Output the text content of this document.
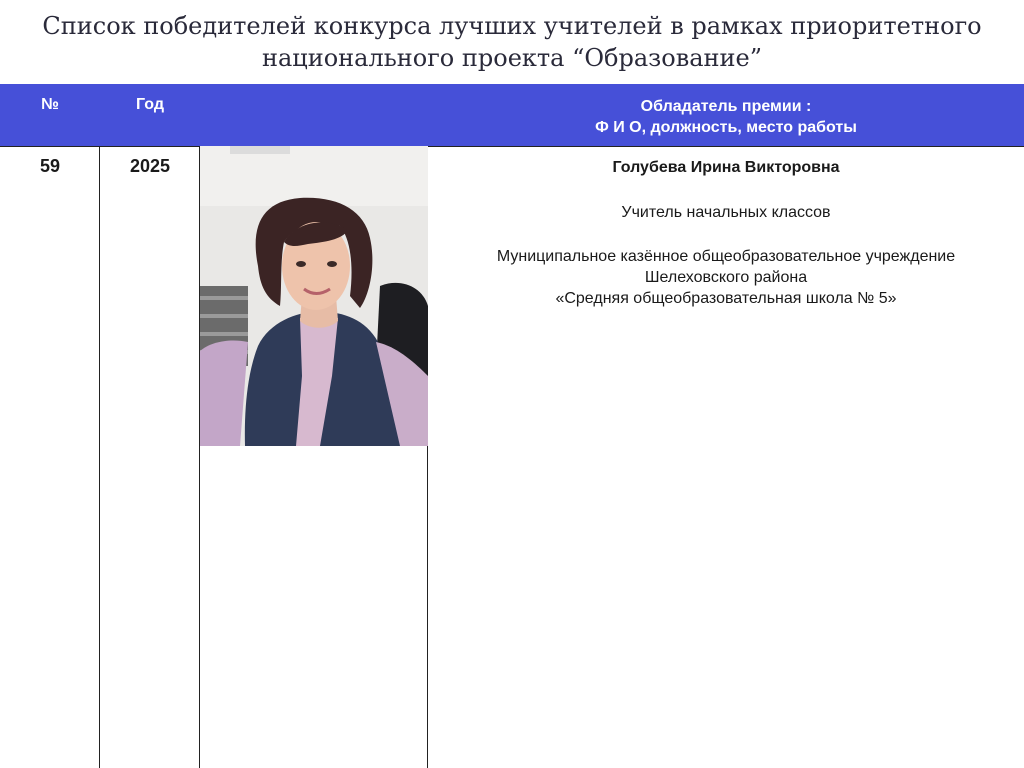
Список победителей конкурса лучших учителей в рамках приоритетного
национального проекта “Образование”
№	Год	Обладатель премии :
Ф И О, должность, место работы
59	2025	Голубева Ирина Викторовна
Учитель начальных классов
Муниципальное казённое общеобразовательное учреждение
Шелеховского района
«Средняя общеобразовательная школа № 5»
